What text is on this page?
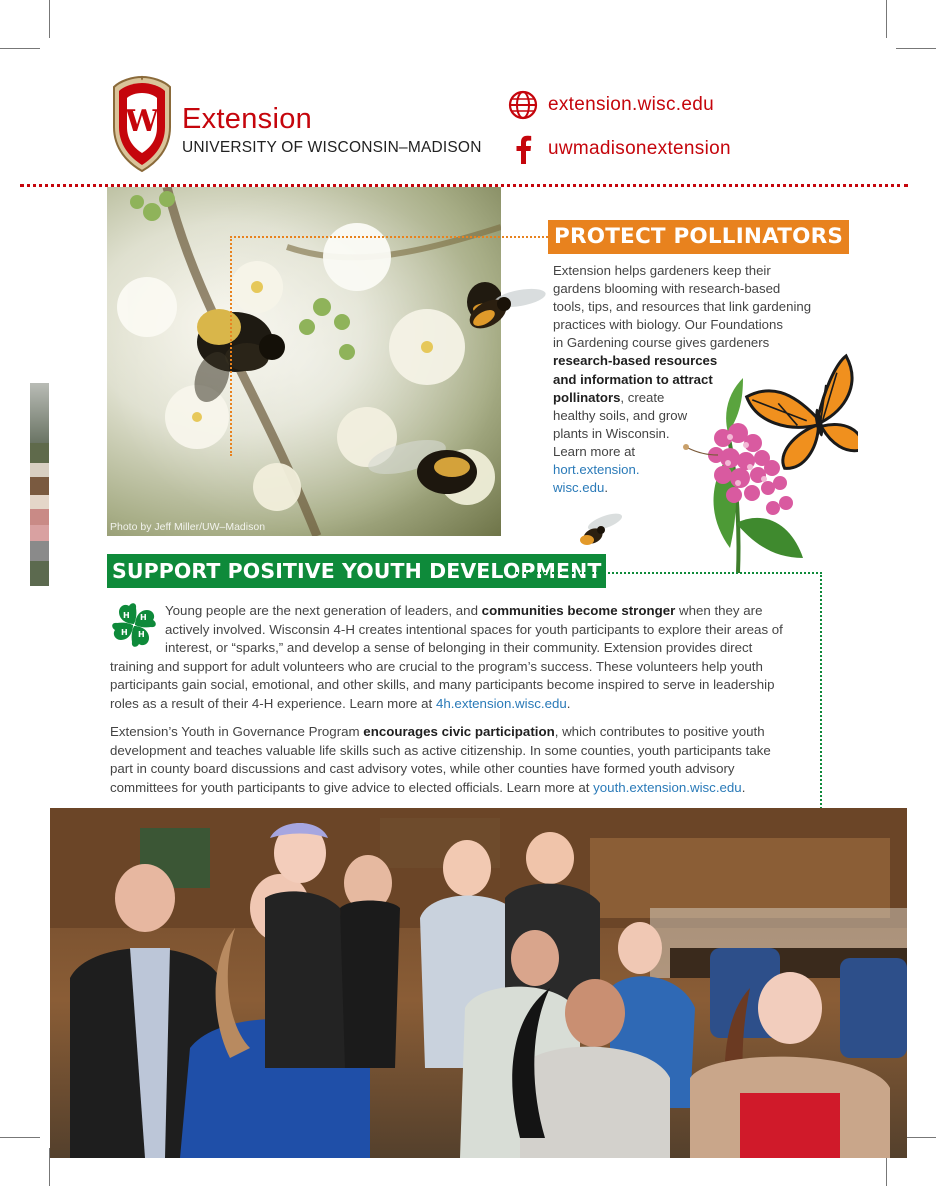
W Extension
UNIVERSITY OF WISCONSIN–MADISON
extension.wisc.edu
uwmadisonextension
Photo by Jeff Miller/UW–Madison
PROTECT POLLINATORS
Extension helps gardeners keep their
gardens blooming with research-based
tools, tips, and resources that link gardening
practices with biology. Our Foundations
in Gardening course gives gardeners
research-based resources
and information to attract
pollinators, create
healthy soils, and grow
plants in Wisconsin.
Learn more at
hort.extension.
wisc.edu.
SUPPORT POSITIVE YOUTH DEVELOPMENT
H H
H
H
Young people are the next generation of leaders, and communities become stronger when they are actively involved. Wisconsin 4-H creates intentional spaces for youth participants to explore their areas of interest, or “sparks,” and develop a sense of belonging in their community. Extension provides direct training and support for adult volunteers who are crucial to the program’s success. These volunteers help youth participants gain social, emotional, and other skills, and many participants become inspired to serve in leadership roles as a result of their 4-H experience. Learn more at 4h.extension.wisc.edu.
Extension’s Youth in Governance Program encourages civic participation, which contributes to positive youth development and teaches valuable life skills such as active citizenship. In some counties, youth participants take part in county board discussions and cast advisory votes, while other counties have formed youth advisory committees for youth participants to give advice to elected officials. Learn more at youth.extension.wisc.edu.
